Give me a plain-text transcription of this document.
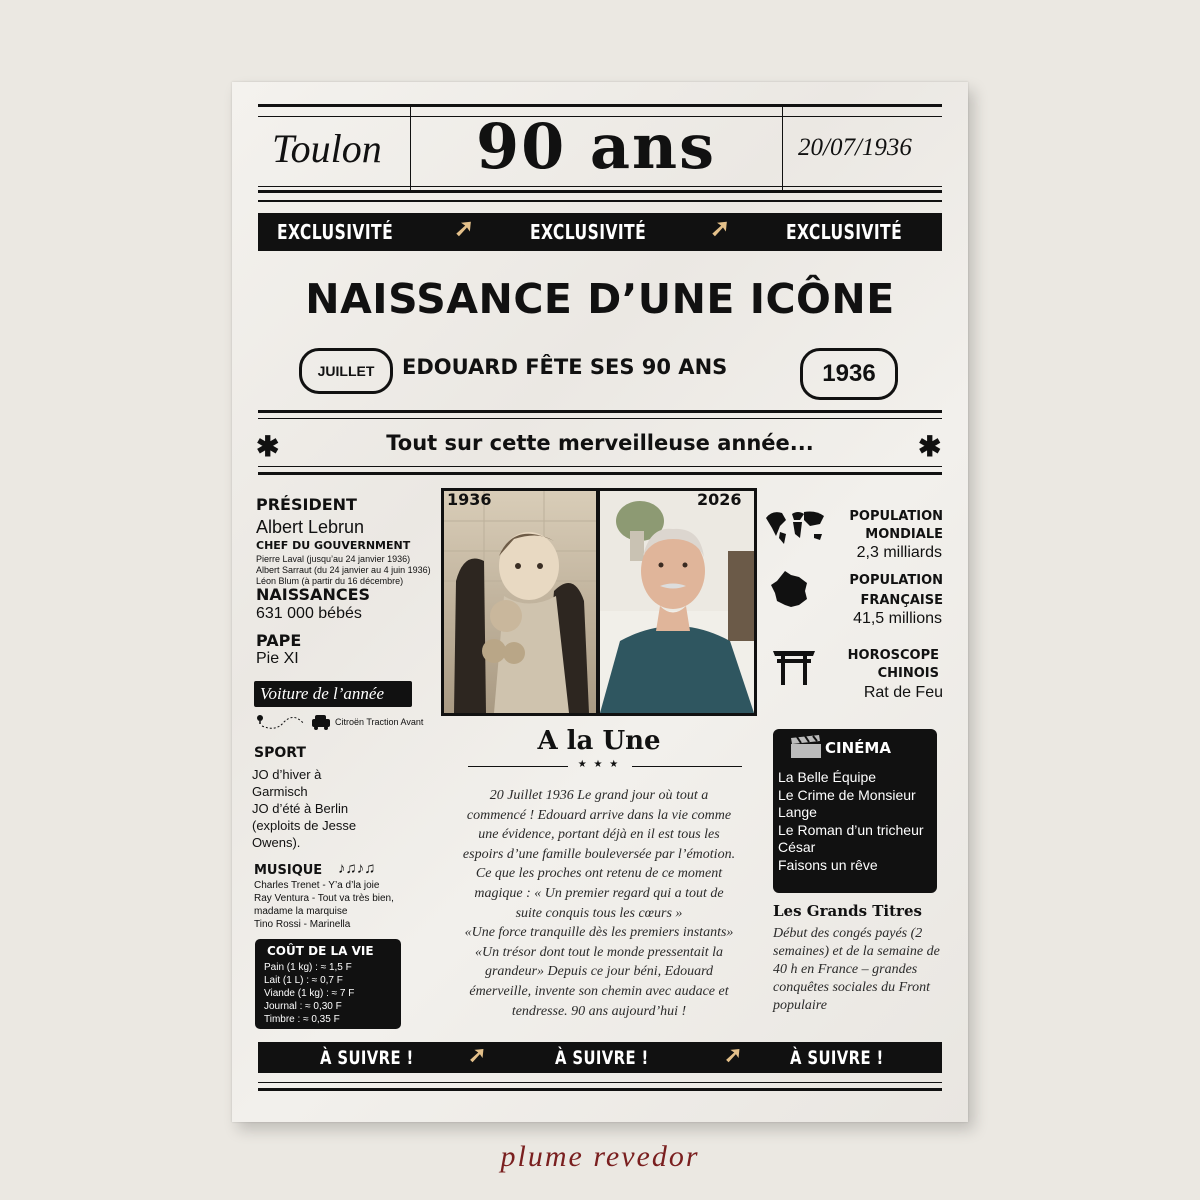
Toulon	90 ans	20/07/1936
EXCLUSIVITÉ	➚	EXCLUSIVITÉ	➚	EXCLUSIVITÉ
NAISSANCE D’UNE ICÔNE
JUILLET	EDOUARD FÊTE SES 90 ANS	1936
✱	Tout sur cette merveilleuse année...	✱
PRÉSIDENT
Albert Lebrun
CHEF DU GOUVERNMENT
Pierre Laval (jusqu’au 24 janvier 1936)
Albert Sarraut (du 24 janvier au 4 juin 1936)
Léon Blum (à partir du 16 décembre)
NAISSANCES
631 000 bébés
PAPE
Pie XI
Voiture de l’année
Citroën Traction Avant
SPORT
JO d’hiver à
Garmisch
JO d’été à Berlin
(exploits de Jesse
Owens).
MUSIQUE ♪♫♪♫
Charles Trenet - Y’a d’la joie
Ray Ventura - Tout va très bien,
madame la marquise
Tino Rossi - Marinella
COÛT DE LA VIE
Pain (1 kg) : ≈ 1,5 F
Lait (1 L) : ≈ 0,7 F
Viande (1 kg) : ≈ 7 F
Journal : ≈ 0,30 F
Timbre : ≈ 0,35 F
1936	2026
A la Une
★ ★ ★
20 Juillet 1936 Le grand jour où tout a
commencé ! Edouard arrive dans la vie comme
une évidence, portant déjà en il est tous les
espoirs d’une famille bouleversée par l’émotion.
Ce que les proches ont retenu de ce moment
magique : « Un premier regard qui a tout de
suite conquis tous les cœurs »
«Une force tranquille dès les premiers instants»
«Un trésor dont tout le monde pressentait la
grandeur» Depuis ce jour béni, Edouard
émerveille, invente son chemin avec audace et
tendresse. 90 ans aujourd’hui !
POPULATION
MONDIALE
2,3 milliards
POPULATION
FRANÇAISE
41,5 millions
HOROSCOPE
CHINOIS
Rat de Feu
CINÉMA
La Belle Équipe
Le Crime de Monsieur
Lange
Le Roman d’un tricheur
César
Faisons un rêve
Les Grands Titres
Début des congés payés (2
semaines) et de la semaine de
40 h en France – grandes
conquêtes sociales du Front
populaire
À SUIVRE ! ➚	À SUIVRE !	➚	À SUIVRE !
plume revedor
